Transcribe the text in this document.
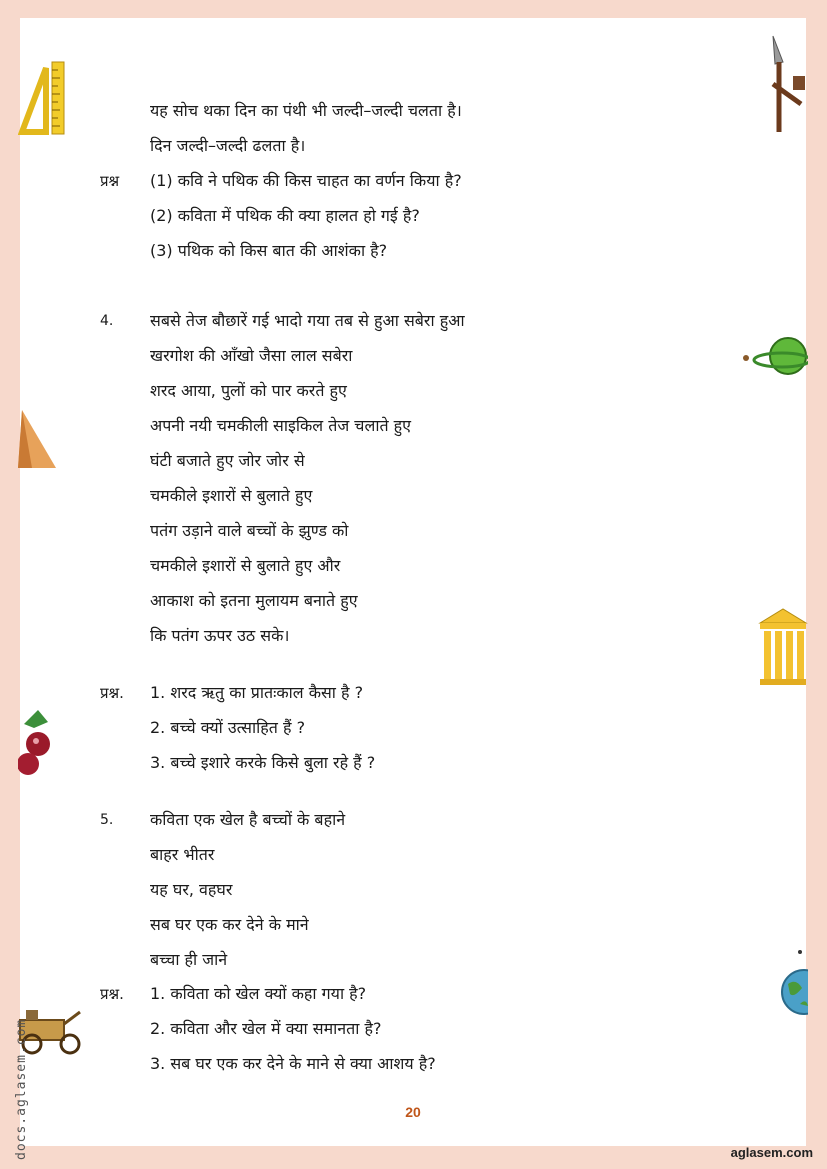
यह सोच थका दिन का पंथी भी जल्दी–जल्दी चलता है।
दिन जल्दी–जल्दी ढलता है।
प्रश्न (1) कवि ने पथिक की किस चाहत का वर्णन किया है?
(2) कविता में पथिक की क्या हालत हो गई है?
(3) पथिक को किस बात की आशंका है?
4. सबसे तेज बौछारें गई भादो गया तब से हुआ सबेरा हुआ
खरगोश की आँखो जैसा लाल सबेरा
शरद आया, पुलों को पार करते हुए
अपनी नयी चमकीली साइकिल तेज चलाते हुए
घंटी बजाते हुए जोर जोर से
चमकीले इशारों से बुलाते हुए
पतंग उड़ाने वाले बच्चों के झुण्ड को
चमकीले इशारों से बुलाते हुए और
आकाश को इतना मुलायम बनाते हुए
कि पतंग ऊपर उठ सके।
प्रश्न. 1. शरद ऋतु का प्रातःकाल कैसा है ?
2. बच्चे क्यों उत्साहित हैं ?
3. बच्चे इशारे करके किसे बुला रहे हैं ?
5. कविता एक खेल है बच्चों के बहाने
बाहर भीतर
यह घर, वहघर
सब घर एक कर देने के माने
बच्चा ही जाने
प्रश्न. 1. कविता को खेल क्यों कहा गया है?
2. कविता और खेल में क्या समानता है?
3. सब घर एक कर देने के माने से क्या आशय है?
20
docs.aglasem.com	aglasem.com
